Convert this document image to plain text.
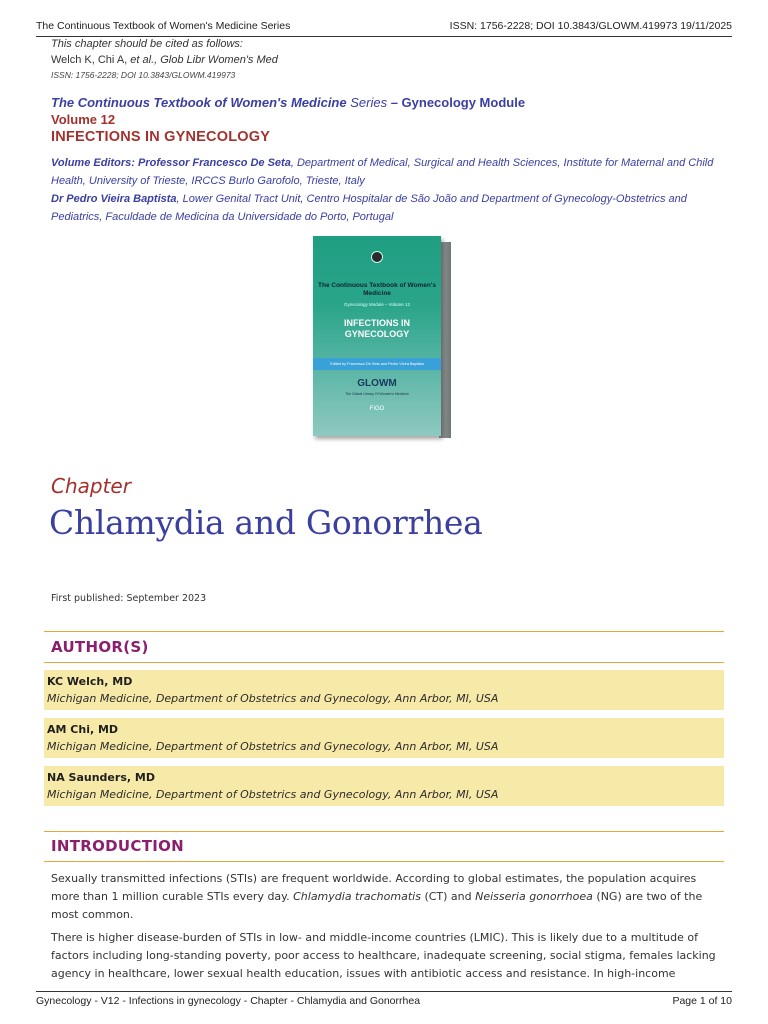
The Continuous Textbook of Women's Medicine Series	ISSN: 1756-2228; DOI 10.3843/GLOWM.419973 19/11/2025
This chapter should be cited as follows:
Welch K, Chi A, et al., Glob Libr Women's Med
ISSN: 1756-2228; DOI 10.3843/GLOWM.419973
The Continuous Textbook of Women's Medicine Series – Gynecology Module
Volume 12
INFECTIONS IN GYNECOLOGY
Volume Editors: Professor Francesco De Seta, Department of Medical, Surgical and Health Sciences, Institute for Maternal and Child Health, University of Trieste, IRCCS Burlo Garofolo, Trieste, Italy
Dr Pedro Vieira Baptista, Lower Genital Tract Unit, Centro Hospitalar de São João and Department of Gynecology-Obstetrics and Pediatrics, Faculdade de Medicina da Universidade do Porto, Portugal
The Continuous Textbook of Women's Medicine
Gynecology Module – Volume 12
INFECTIONS IN GYNECOLOGY
Edited by Francesco De Seta and Pedro Vieira Baptista
GLOWM
The Global Library Of Women's Medicine
FIGO
Chapter
Chlamydia and Gonorrhea
First published: September 2023
AUTHOR(S)
KC Welch, MD
Michigan Medicine, Department of Obstetrics and Gynecology, Ann Arbor, MI, USA
AM Chi, MD
Michigan Medicine, Department of Obstetrics and Gynecology, Ann Arbor, MI, USA
NA Saunders, MD
Michigan Medicine, Department of Obstetrics and Gynecology, Ann Arbor, MI, USA
INTRODUCTION
Sexually transmitted infections (STIs) are frequent worldwide. According to global estimates, the population acquires more than 1 million curable STIs every day. Chlamydia trachomatis (CT) and Neisseria gonorrhoea (NG) are two of the most common.
There is higher disease-burden of STIs in low- and middle-income countries (LMIC). This is likely due to a multitude of factors including long-standing poverty, poor access to healthcare, inadequate screening, social stigma, females lacking agency in healthcare, lower sexual health education, issues with antibiotic access and resistance. In high-income
Gynecology - V12 - Infections in gynecology - Chapter - Chlamydia and Gonorrhea	Page 1 of 10
